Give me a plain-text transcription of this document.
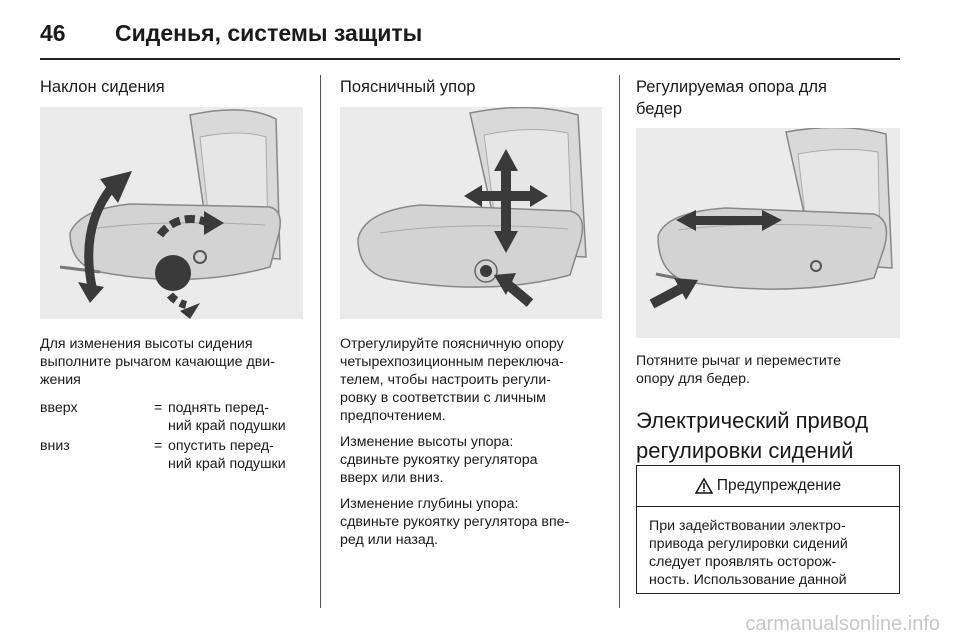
46 Сиденья, системы защиты
Наклон сидения

Для изменения высоты сидения

выполните рычагом качающие дви-

жения

вверх	= поднять перед-
ний край подушки
вниз	= опустить перед-
ний край подушки
Поясничный упор

Отрегулируйте поясничную опору

четырехпозиционным переключа-

телем, чтобы настроить регули-

ровку в соответствии с личным

предпочтением.

Изменение высоты упора:

сдвиньте рукоятку регулятора

вверх или вниз.

Изменение глубины упора:

сдвиньте рукоятку регулятора впе-

ред или назад.

Регулируемая опора для
бедер

Потяните рычаг и переместите

опору для бедер.

Электрический привод
регулировки сидений
Предупреждение
При задействовании электро-
привода регулировки сидений
следует проявлять осторож-
ность. Использование данной
carmanualsonline.info
